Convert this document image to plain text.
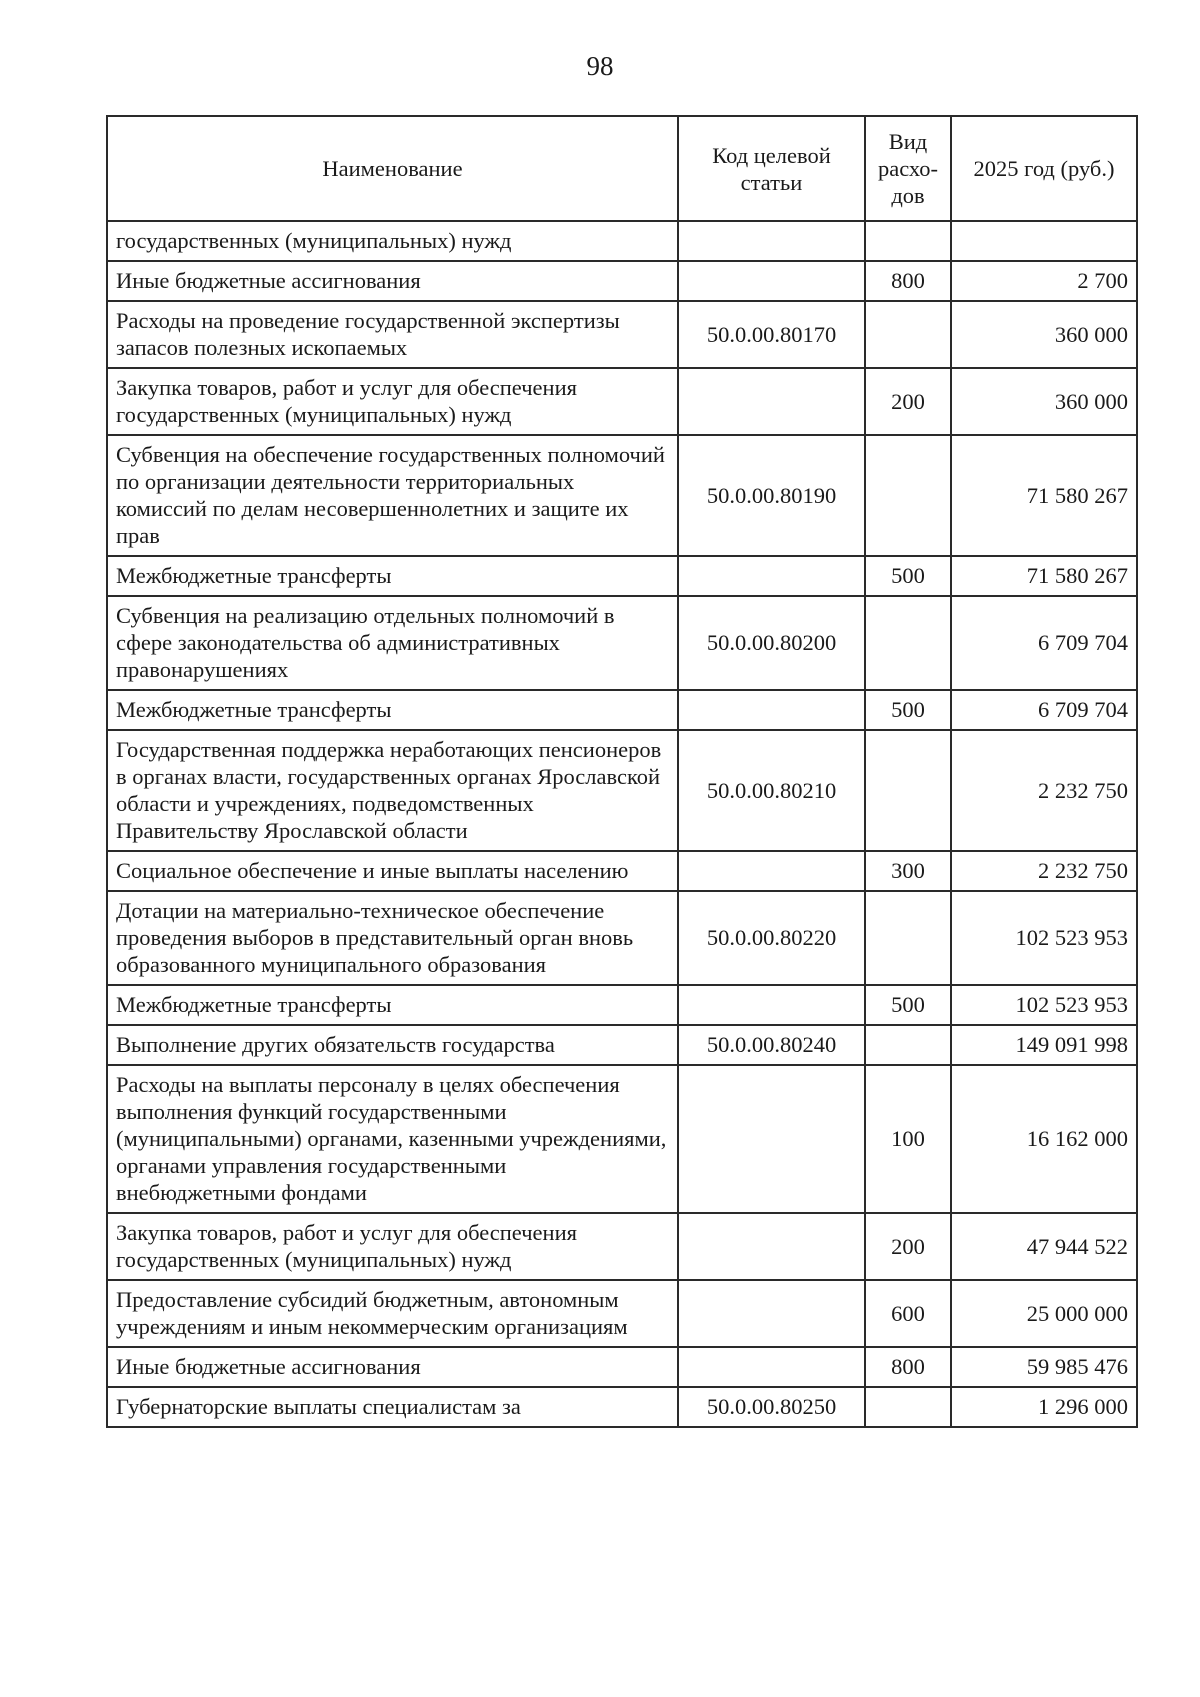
98
Наименование	Код целевой статьи	Вид расхо-дов	2025 год (руб.)
государственных (муниципальных) нужд			
Иные бюджетные ассигнования		800	2 700
Расходы на проведение государственной экспертизы запасов полезных ископаемых	50.0.00.80170		360 000
Закупка товаров, работ и услуг для обеспечения государственных (муниципальных) нужд		200	360 000
Субвенция на обеспечение государственных полномочий по организации деятельности территориальных комиссий по делам несовершеннолетних и защите их прав	50.0.00.80190		71 580 267
Межбюджетные трансферты		500	71 580 267
Субвенция на реализацию отдельных полномочий в сфере законодательства об административных правонарушениях	50.0.00.80200		6 709 704
Межбюджетные трансферты		500	6 709 704
Государственная поддержка неработающих пенсионеров в органах власти, государственных органах Ярославской области и учреждениях, подведомственных Правительству Ярославской области	50.0.00.80210		2 232 750
Социальное обеспечение и иные выплаты населению		300	2 232 750
Дотации на материально-техническое обеспечение проведения выборов в представительный орган вновь образованного муниципального образования	50.0.00.80220		102 523 953
Межбюджетные трансферты		500	102 523 953
Выполнение других обязательств государства	50.0.00.80240		149 091 998
Расходы на выплаты персоналу в целях обеспечения выполнения функций государственными (муниципальными) органами, казенными учреждениями, органами управления государственными внебюджетными фондами		100	16 162 000
Закупка товаров, работ и услуг для обеспечения государственных (муниципальных) нужд		200	47 944 522
Предоставление субсидий бюджетным, автономным учреждениям и иным некоммерческим организациям		600	25 000 000
Иные бюджетные ассигнования		800	59 985 476
Губернаторские выплаты специалистам за	50.0.00.80250		1 296 000
